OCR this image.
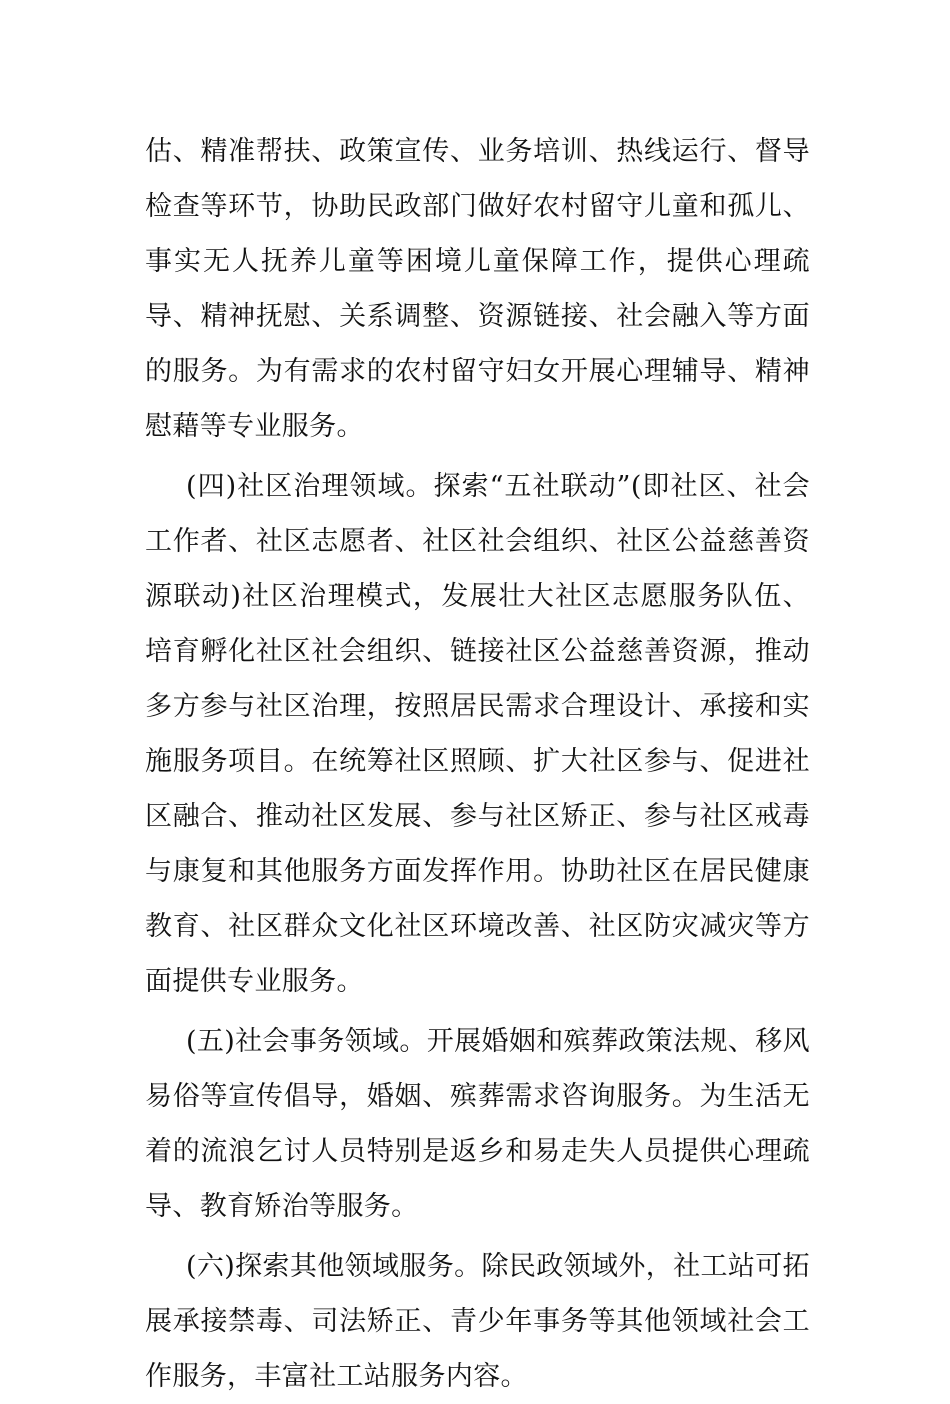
估、精准帮扶、政策宣传、业务培训、热线运行、督导检查等环节，协助民政部门做好农村留守儿童和孤儿、事实无人抚养儿童等困境儿童保障工作，提供心理疏导、精神抚慰、关系调整、资源链接、社会融入等方面的服务。为有需求的农村留守妇女开展心理辅导、精神慰藉等专业服务。

(四)社区治理领域。探索“五社联动”(即社区、社会工作者、社区志愿者、社区社会组织、社区公益慈善资源联动)社区治理模式，发展壮大社区志愿服务队伍、培育孵化社区社会组织、链接社区公益慈善资源，推动多方参与社区治理，按照居民需求合理设计、承接和实施服务项目。在统筹社区照顾、扩大社区参与、促进社区融合、推动社区发展、参与社区矫正、参与社区戒毒与康复和其他服务方面发挥作用。协助社区在居民健康教育、社区群众文化社区环境改善、社区防灾减灾等方面提供专业服务。

(五)社会事务领域。开展婚姻和殡葬政策法规、移风易俗等宣传倡导，婚姻、殡葬需求咨询服务。为生活无着的流浪乞讨人员特别是返乡和易走失人员提供心理疏导、教育矫治等服务。

(六)探索其他领域服务。除民政领域外，社工站可拓展承接禁毒、司法矫正、青少年事务等其他领域社会工作服务，丰富社工站服务内容。
